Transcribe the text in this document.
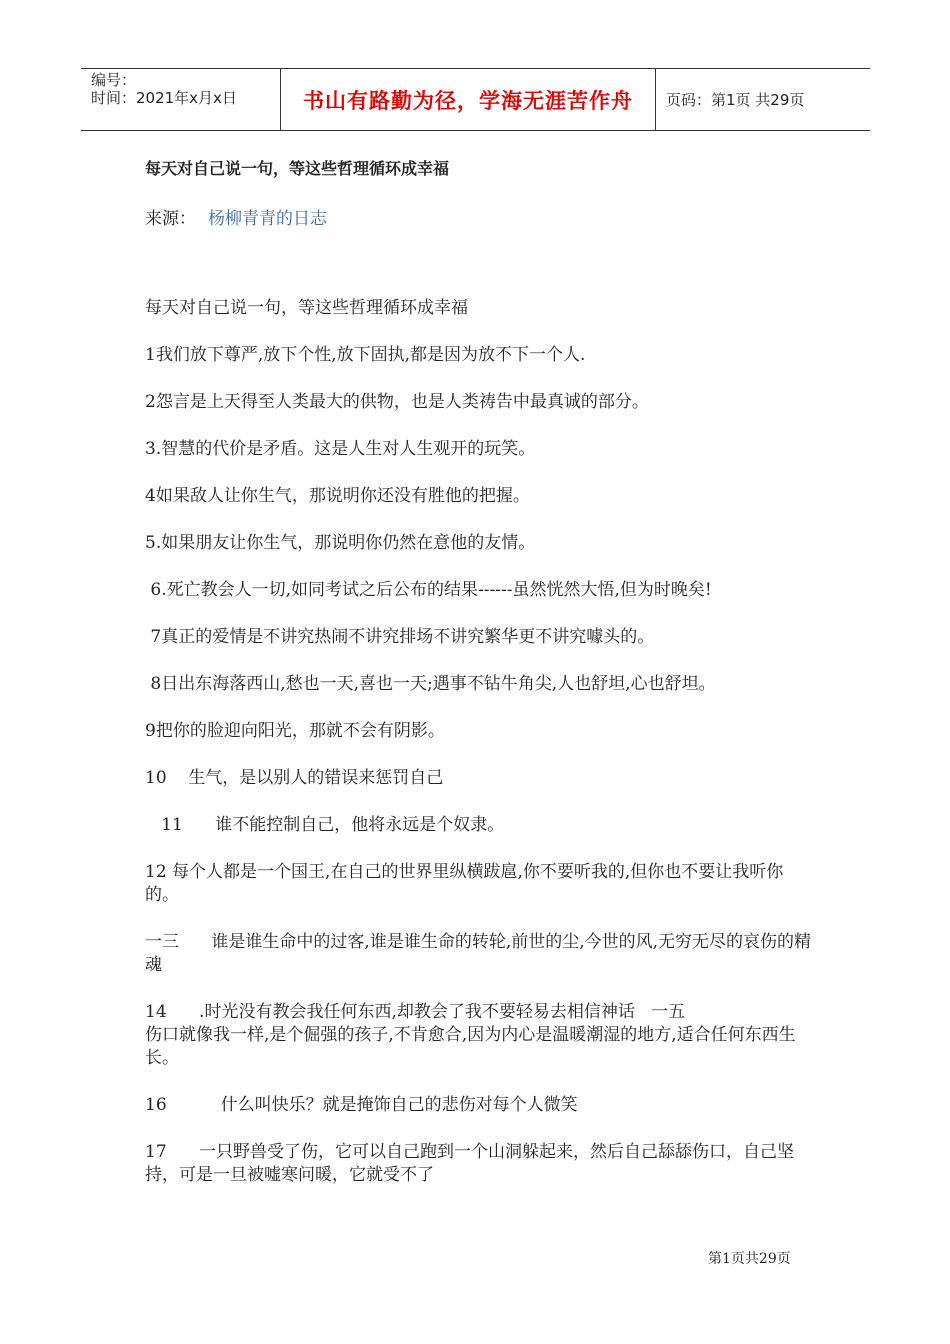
编号：
时间：2021年x月x日	书山有路勤为径，学海无涯苦作舟	页码：第1页 共29页
每天对自己说一句，等这些哲理循环成幸福
来源： 杨柳青青的日志

每天对自己说一句，等这些哲理循环成幸福

1我们放下尊严,放下个性,放下固执,都是因为放不下一个人.

2怨言是上天得至人类最大的供物，也是人类祷告中最真诚的部分。

3.智慧的代价是矛盾。这是人生对人生观开的玩笑。

4如果敌人让你生气，那说明你还没有胜他的把握。

5.如果朋友让你生气，那说明你仍然在意他的友情。

6.死亡教会人一切,如同考试之后公布的结果------虽然恍然大悟,但为时晚矣!

7真正的爱情是不讲究热闹不讲究排场不讲究繁华更不讲究噱头的。

8日出东海落西山,愁也一天,喜也一天;遇事不钻牛角尖,人也舒坦,心也舒坦。

9把你的脸迎向阳光，那就不会有阴影。

10    生气，是以别人的错误来惩罚自己

11      谁不能控制自己，他将永远是个奴隶。

12 每个人都是一个国王,在自己的世界里纵横跋扈,你不要听我的,但你也不要让我听你的。

一三      谁是谁生命中的过客,谁是谁生命的转轮,前世的尘,今世的风,无穷无尽的哀伤的精魂

14      .时光没有教会我任何东西,却教会了我不要轻易去相信神话   一五
伤口就像我一样,是个倔强的孩子,不肯愈合,因为内心是温暖潮湿的地方,适合任何东西生长。

16          什么叫快乐？就是掩饰自己的悲伤对每个人微笑

17      一只野兽受了伤，它可以自己跑到一个山洞躲起来，然后自己舔舔伤口，自己坚持，可是一旦被嘘寒问暖，它就受不了

第1页共29页
